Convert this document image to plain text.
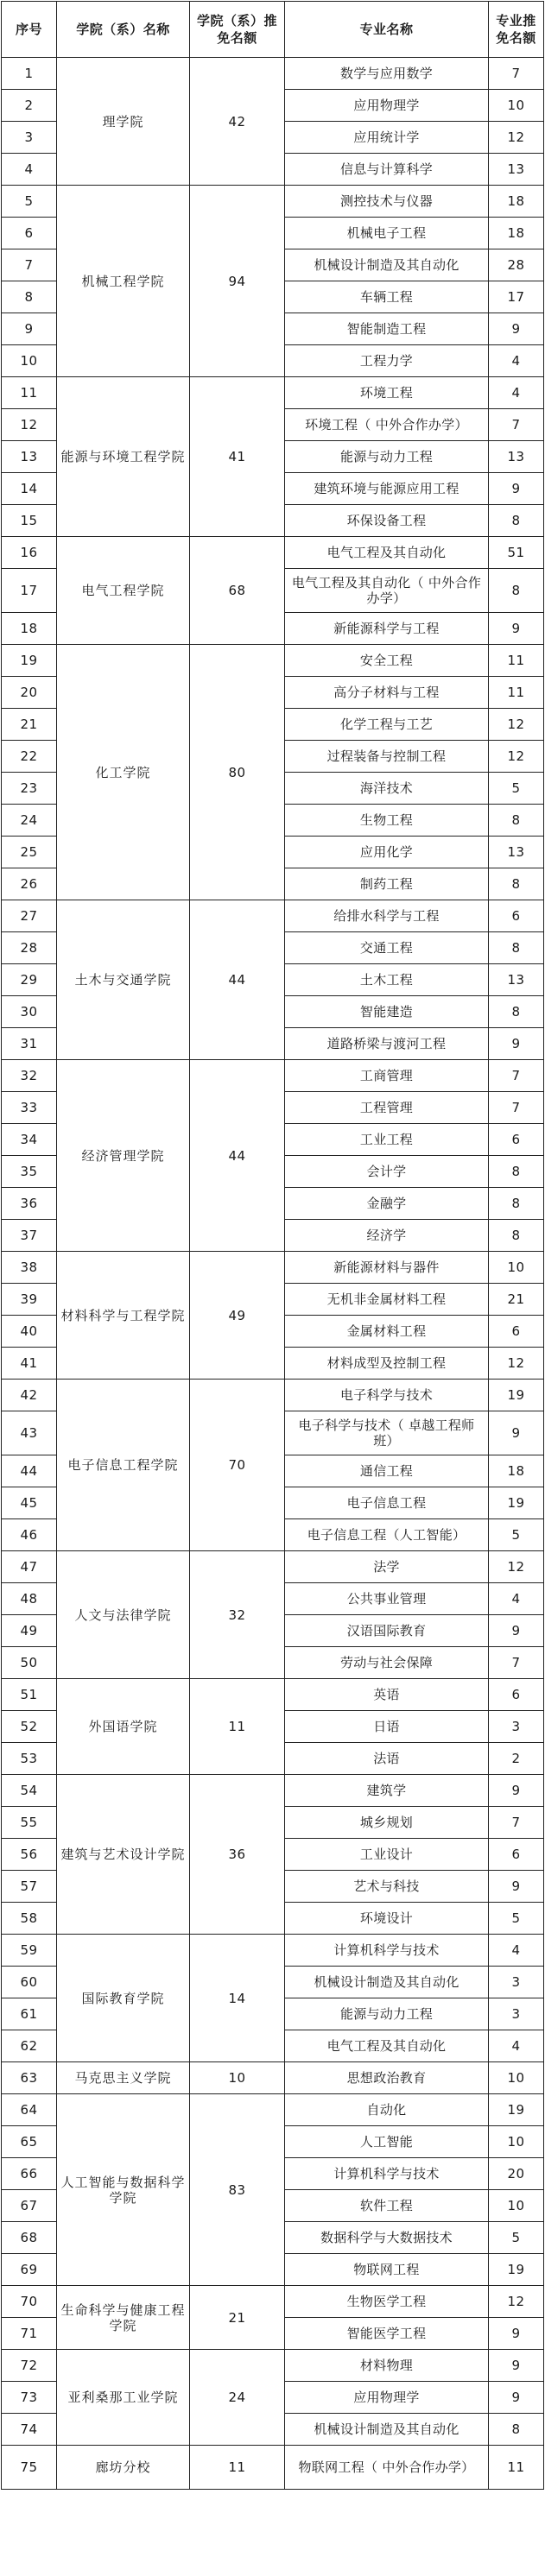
序号	学院（系）名称	学院（系）推免名额	专业名称	专业推免名额
1	理学院	42	数学与应用数学	7
2			应用物理学	10
3			应用统计学	12
4			信息与计算科学	13
5	机械工程学院	94	测控技术与仪器	18
6			机械电子工程	18
7			机械设计制造及其自动化	28
8			车辆工程	17
9			智能制造工程	9
10			工程力学	4
11	能源与环境工程学院	41	环境工程	4
12			环境工程（ 中外合作办学）	7
13			能源与动力工程	13
14			建筑环境与能源应用工程	9
15			环保设备工程	8
16	电气工程学院	68	电气工程及其自动化	51
17			电气工程及其自动化（ 中外合作办学）	8
18			新能源科学与工程	9
19	化工学院	80	安全工程	11
20			高分子材料与工程	11
21			化学工程与工艺	12
22			过程装备与控制工程	12
23			海洋技术	5
24			生物工程	8
25			应用化学	13
26			制药工程	8
27	土木与交通学院	44	给排水科学与工程	6
28			交通工程	8
29			土木工程	13
30			智能建造	8
31			道路桥梁与渡河工程	9
32	经济管理学院	44	工商管理	7
33			工程管理	7
34			工业工程	6
35			会计学	8
36			金融学	8
37			经济学	8
38	材料科学与工程学院	49	新能源材料与器件	10
39			无机非金属材料工程	21
40			金属材料工程	6
41			材料成型及控制工程	12
42	电子信息工程学院	70	电子科学与技术	19
43			电子科学与技术（ 卓越工程师班）	9
44			通信工程	18
45			电子信息工程	19
46			电子信息工程（人工智能）	5
47	人文与法律学院	32	法学	12
48			公共事业管理	4
49			汉语国际教育	9
50			劳动与社会保障	7
51	外国语学院	11	英语	6
52			日语	3
53			法语	2
54	建筑与艺术设计学院	36	建筑学	9
55			城乡规划	7
56			工业设计	6
57			艺术与科技	9
58			环境设计	5
59	国际教育学院	14	计算机科学与技术	4
60			机械设计制造及其自动化	3
61			能源与动力工程	3
62			电气工程及其自动化	4
63	马克思主义学院	10	思想政治教育	10
64	人工智能与数据科学学院	83	自动化	19
65			人工智能	10
66			计算机科学与技术	20
67			软件工程	10
68			数据科学与大数据技术	5
69			物联网工程	19
70	生命科学与健康工程学院	21	生物医学工程	12
71			智能医学工程	9
72	亚利桑那工业学院	24	材料物理	9
73			应用物理学	9
74			机械设计制造及其自动化	8
75	廊坊分校	11	物联网工程（ 中外合作办学）	11
